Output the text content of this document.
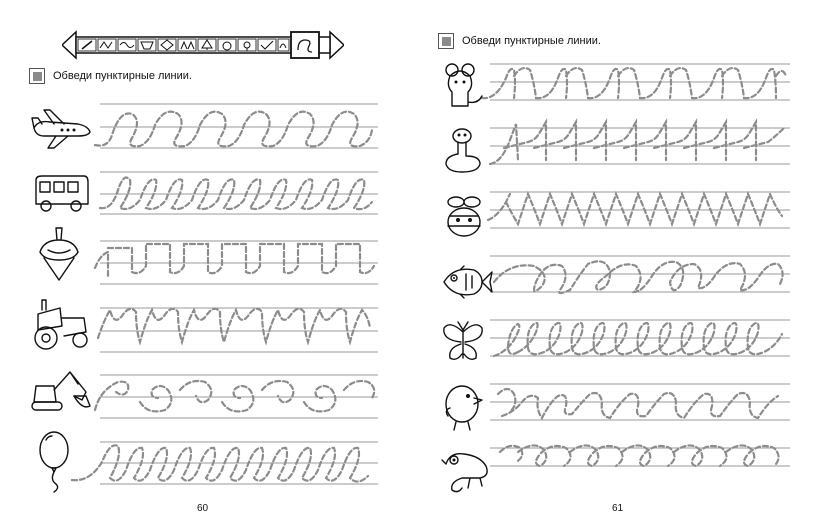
Обведи пунктирные линии.
60
Обведи пунктирные линии.
61
